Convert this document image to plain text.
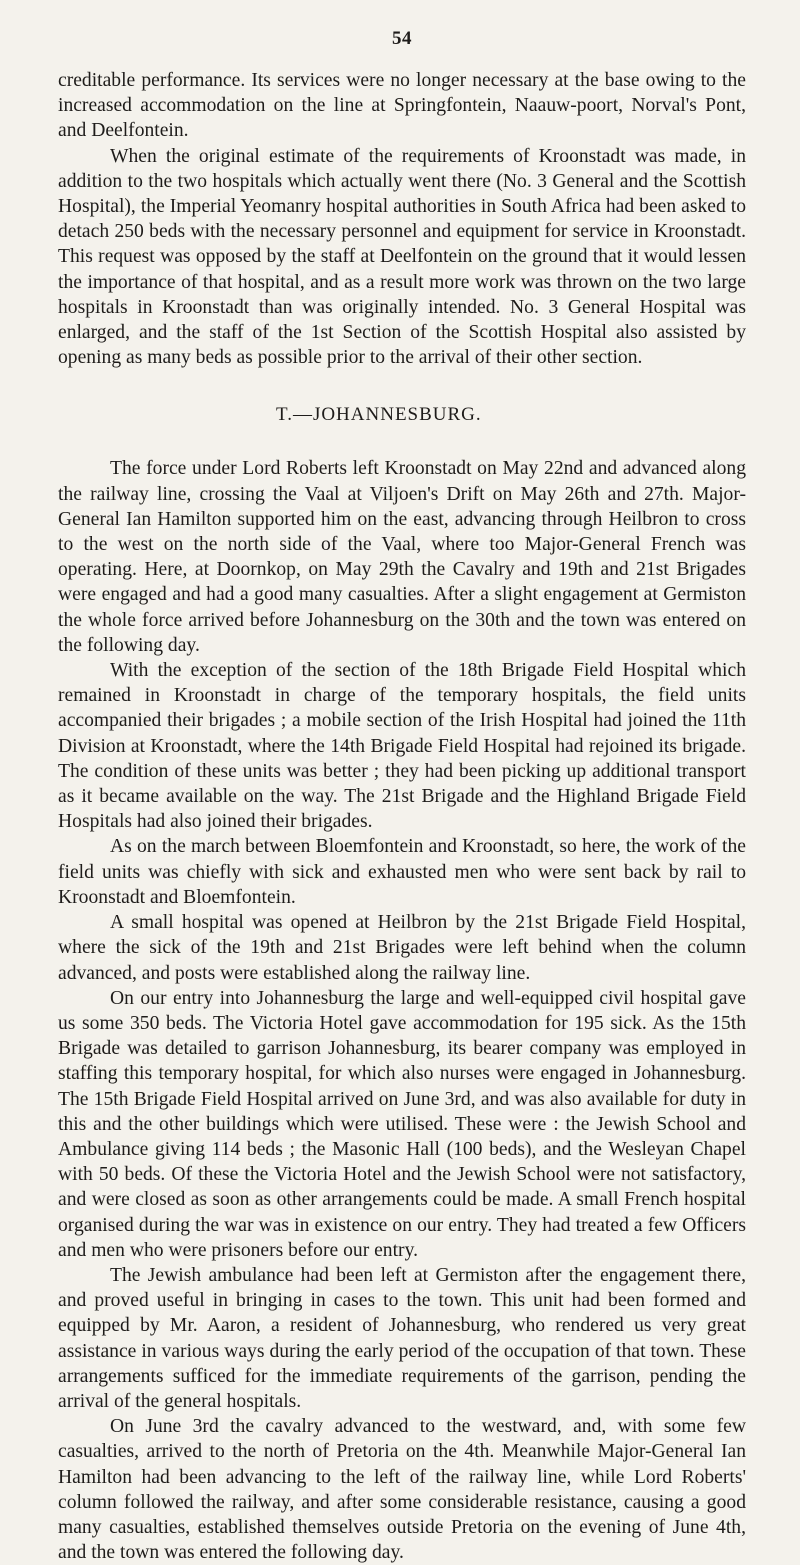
54

creditable performance. Its services were no longer necessary at the base owing to the increased accommodation on the line at Springfontein, Naauw-poort, Norval's Pont, and Deelfontein.

When the original estimate of the requirements of Kroonstadt was made, in addition to the two hospitals which actually went there (No. 3 General and the Scottish Hospital), the Imperial Yeomanry hospital authorities in South Africa had been asked to detach 250 beds with the necessary personnel and equipment for service in Kroonstadt. This request was opposed by the staff at Deelfontein on the ground that it would lessen the importance of that hospital, and as a result more work was thrown on the two large hospitals in Kroonstadt than was originally intended. No. 3 General Hospital was enlarged, and the staff of the 1st Section of the Scottish Hospital also assisted by opening as many beds as possible prior to the arrival of their other section.

T.—JOHANNESBURG.

The force under Lord Roberts left Kroonstadt on May 22nd and advanced along the railway line, crossing the Vaal at Viljoen's Drift on May 26th and 27th. Major-General Ian Hamilton supported him on the east, advancing through Heilbron to cross to the west on the north side of the Vaal, where too Major-General French was operating. Here, at Doornkop, on May 29th the Cavalry and 19th and 21st Brigades were engaged and had a good many casualties. After a slight engagement at Germiston the whole force arrived before Johannesburg on the 30th and the town was entered on the following day.

With the exception of the section of the 18th Brigade Field Hospital which remained in Kroonstadt in charge of the temporary hospitals, the field units accompanied their brigades ; a mobile section of the Irish Hospital had joined the 11th Division at Kroonstadt, where the 14th Brigade Field Hospital had rejoined its brigade. The condition of these units was better ; they had been picking up additional transport as it became available on the way. The 21st Brigade and the Highland Brigade Field Hospitals had also joined their brigades.

As on the march between Bloemfontein and Kroonstadt, so here, the work of the field units was chiefly with sick and exhausted men who were sent back by rail to Kroonstadt and Bloemfontein.

A small hospital was opened at Heilbron by the 21st Brigade Field Hospital, where the sick of the 19th and 21st Brigades were left behind when the column advanced, and posts were established along the railway line.

On our entry into Johannesburg the large and well-equipped civil hospital gave us some 350 beds. The Victoria Hotel gave accommodation for 195 sick. As the 15th Brigade was detailed to garrison Johannesburg, its bearer company was employed in staffing this temporary hospital, for which also nurses were engaged in Johannesburg. The 15th Brigade Field Hospital arrived on June 3rd, and was also available for duty in this and the other buildings which were utilised. These were : the Jewish School and Ambulance giving 114 beds ; the Masonic Hall (100 beds), and the Wesleyan Chapel with 50 beds. Of these the Victoria Hotel and the Jewish School were not satisfactory, and were closed as soon as other arrangements could be made. A small French hospital organised during the war was in existence on our entry. They had treated a few Officers and men who were prisoners before our entry.

The Jewish ambulance had been left at Germiston after the engagement there, and proved useful in bringing in cases to the town. This unit had been formed and equipped by Mr. Aaron, a resident of Johannesburg, who rendered us very great assistance in various ways during the early period of the occupation of that town. These arrangements sufficed for the immediate requirements of the garrison, pending the arrival of the general hospitals.

On June 3rd the cavalry advanced to the westward, and, with some few casualties, arrived to the north of Pretoria on the 4th. Meanwhile Major-General Ian Hamilton had been advancing to the left of the railway line, while Lord Roberts' column followed the railway, and after some considerable resistance, causing a good many casualties, established themselves outside Pretoria on the evening of June 4th, and the town was entered the following day.
